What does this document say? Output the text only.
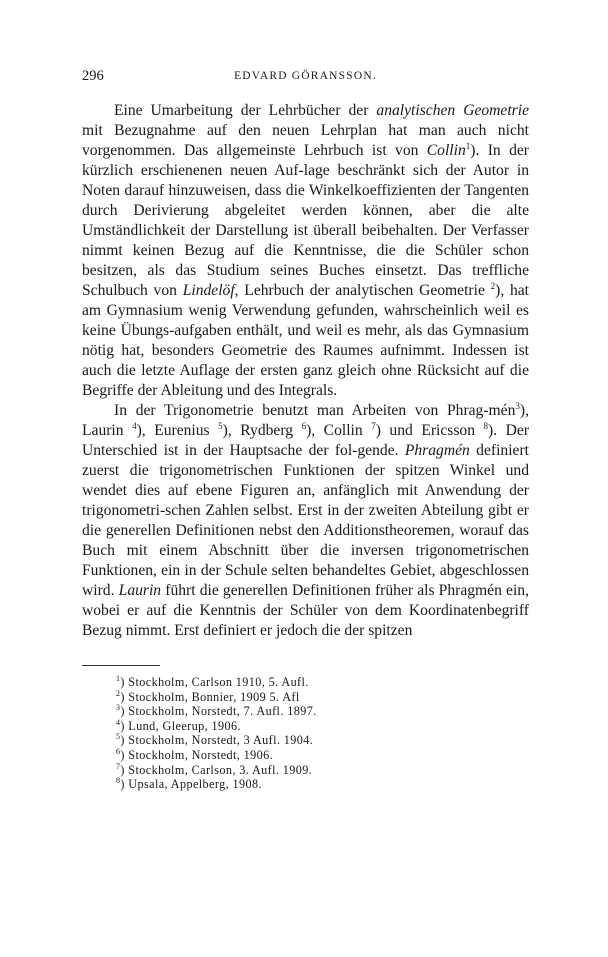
296	EDVARD GÖRANSSON.

Eine Umarbeitung der Lehrbücher der analytischen Geometrie mit Bezugnahme auf den neuen Lehrplan hat man auch nicht vorgenommen. Das allgemeinste Lehrbuch ist von Collin$^1$). In der kürzlich erschienenen neuen Auf-lage beschränkt sich der Autor in Noten darauf hinzuweisen, dass die Winkelkoeffizienten der Tangenten durch Derivierung abgeleitet werden können, aber die alte Umständlichkeit der Darstellung ist überall beibehalten. Der Verfasser nimmt keinen Bezug auf die Kenntnisse, die die Schüler schon besitzen, als das Studium seines Buches einsetzt. Das treffliche Schulbuch von Lindelöf, Lehrbuch der analytischen Geometrie $^2$), hat am Gymnasium wenig Verwendung gefunden, wahrscheinlich weil es keine Übungs-aufgaben enthält, und weil es mehr, als das Gymnasium nötig hat, besonders Geometrie des Raumes aufnimmt. Indessen ist auch die letzte Auflage der ersten ganz gleich ohne Rücksicht auf die Begriffe der Ableitung und des Integrals.

In der Trigonometrie benutzt man Arbeiten von Phrag-mén$^3$), Laurin $^4$), Eurenius $^5$), Rydberg $^6$), Collin $^7$) und Ericsson $^8$). Der Unterschied ist in der Hauptsache der fol-gende. Phragmén definiert zuerst die trigonometrischen Funktionen der spitzen Winkel und wendet dies auf ebene Figuren an, anfänglich mit Anwendung der trigonometri-schen Zahlen selbst. Erst in der zweiten Abteilung gibt er die generellen Definitionen nebst den Additionstheoremen, worauf das Buch mit einem Abschnitt über die inversen trigonometrischen Funktionen, ein in der Schule selten behandeltes Gebiet, abgeschlossen wird. Laurin führt die generellen Definitionen früher als Phragmén ein, wobei er auf die Kenntnis der Schüler von dem Koordinatenbegriff Bezug nimmt. Erst definiert er jedoch die der spitzen

$^1$) Stockholm, Carlson 1910, 5. Aufl.
$^2$) Stockholm, Bonnier, 1909 5. Afl
$^3$) Stockholm, Norstedt, 7. Aufl. 1897.
$^4$) Lund, Gleerup, 1906.
$^5$) Stockholm, Norstedt, 3 Aufl. 1904.
$^6$) Stockholm, Norstedt, 1906.
$^7$) Stockholm, Carlson, 3. Aufl. 1909.
$^8$) Upsala, Appelberg, 1908.
